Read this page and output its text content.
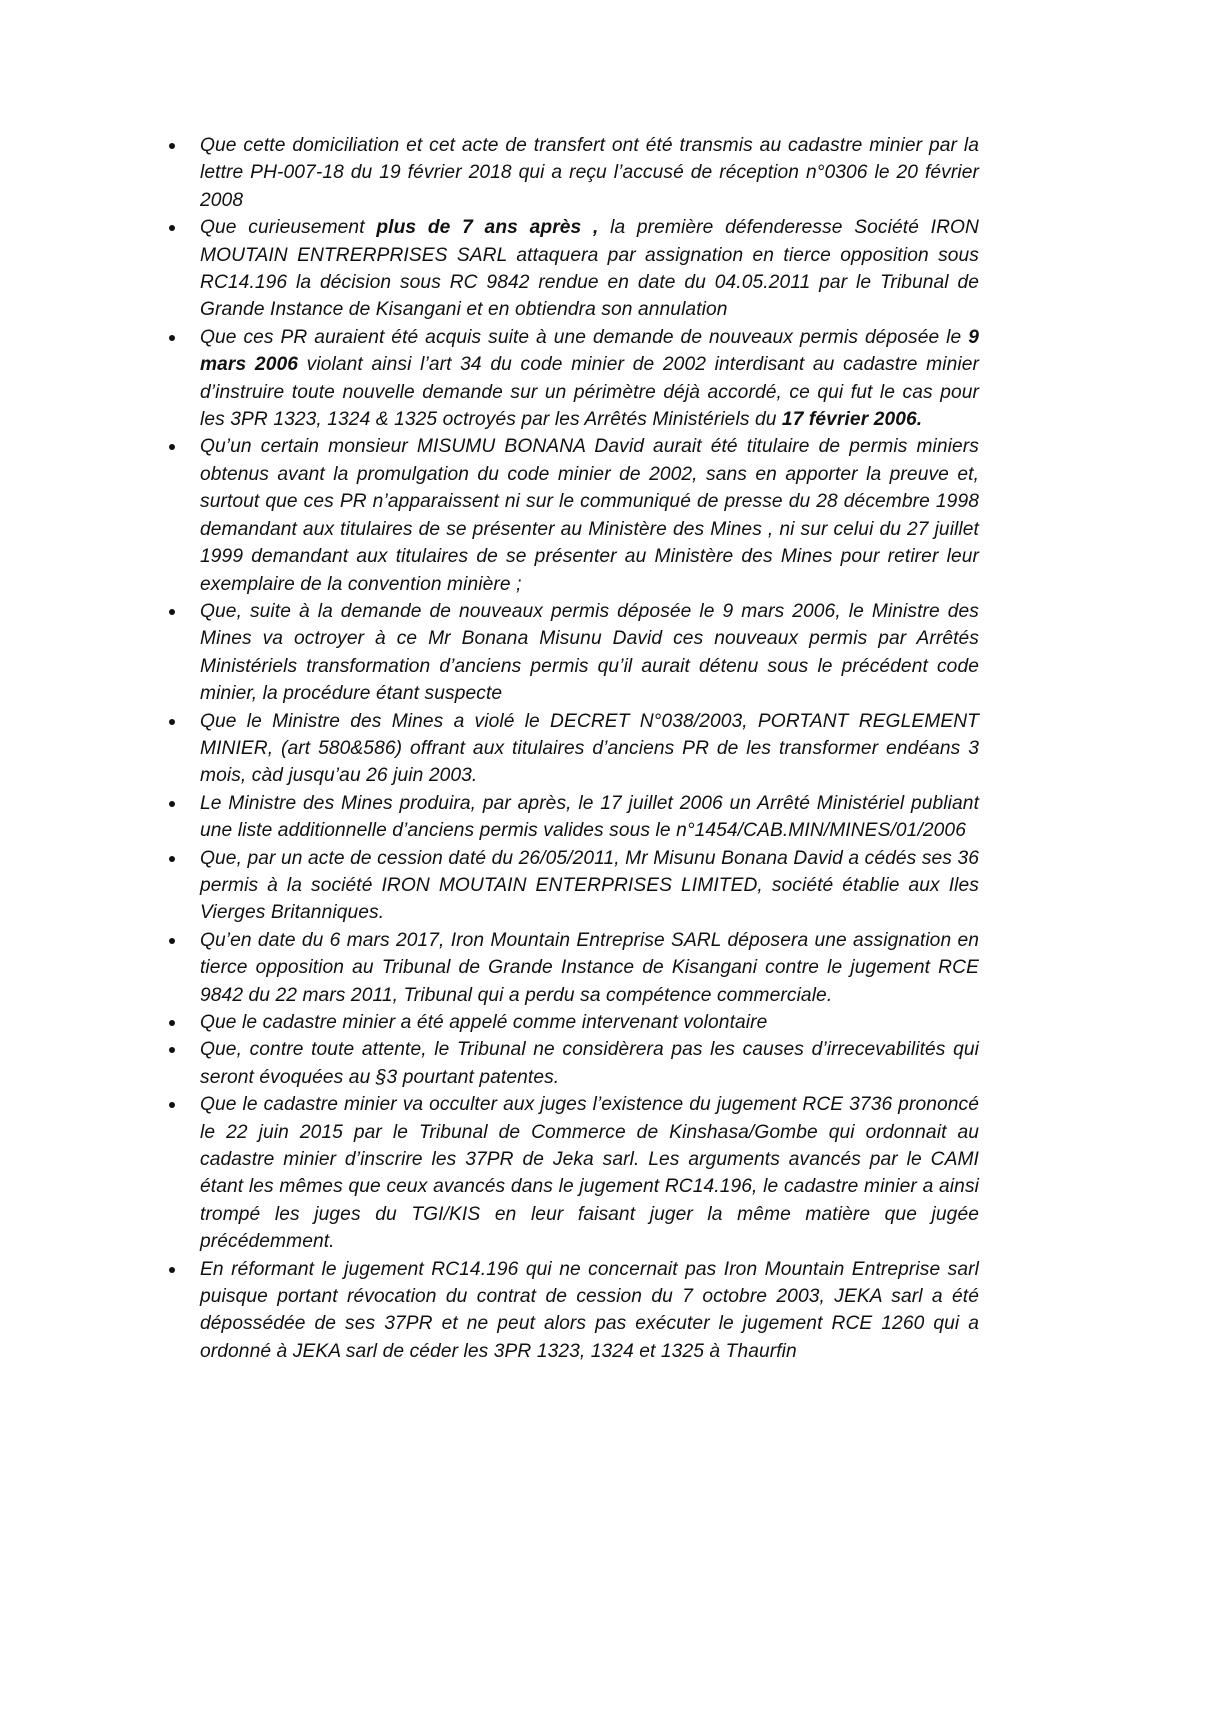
Que cette domiciliation et cet acte de transfert ont été transmis au cadastre minier par la lettre PH-007-18 du 19 février 2018 qui a reçu l’accusé de réception n°0306 le 20 février 2008
Que curieusement plus de 7 ans après , la première défenderesse Société IRON MOUTAIN ENTRERPRISES SARL attaquera par assignation en tierce opposition sous RC14.196 la décision sous RC 9842 rendue en date du 04.05.2011 par le Tribunal de Grande Instance de Kisangani et en obtiendra son annulation
Que ces PR auraient été acquis suite à une demande de nouveaux permis déposée le 9 mars 2006 violant ainsi l’art 34 du code minier de 2002 interdisant au cadastre minier d’instruire toute nouvelle demande sur un périmètre déjà accordé, ce qui fut le cas pour les 3PR 1323, 1324 & 1325 octroyés par les Arrêtés Ministériels du 17 février 2006.
Qu’un certain monsieur MISUMU BONANA David aurait été titulaire de permis miniers obtenus avant la promulgation du code minier de 2002, sans en apporter la preuve et, surtout que ces PR n’apparaissent ni sur le communiqué de presse du 28 décembre 1998 demandant aux titulaires de se présenter au Ministère des Mines , ni sur celui du 27 juillet 1999 demandant aux titulaires de se présenter au Ministère des Mines pour retirer leur exemplaire de la convention minière ;
Que, suite à la demande de nouveaux permis déposée le 9 mars 2006, le Ministre des Mines va octroyer à ce Mr Bonana Misunu David ces nouveaux permis par Arrêtés Ministériels transformation d’anciens permis qu’il aurait détenu sous le précédent code minier, la procédure étant suspecte
Que le Ministre des Mines a violé le DECRET N°038/2003, PORTANT REGLEMENT MINIER, (art 580&586) offrant aux titulaires d’anciens PR de les transformer endéans 3 mois, càd jusqu’au 26 juin 2003.
Le Ministre des Mines produira, par après, le 17 juillet 2006 un Arrêté Ministériel publiant une liste additionnelle d’anciens permis valides sous le n°1454/CAB.MIN/MINES/01/2006
Que, par un acte de cession daté du 26/05/2011, Mr Misunu Bonana David a cédés ses 36 permis à la société IRON MOUTAIN ENTERPRISES LIMITED, société établie aux Iles Vierges Britanniques.
Qu’en date du 6 mars 2017, Iron Mountain Entreprise SARL déposera une assignation en tierce opposition au Tribunal de Grande Instance de Kisangani contre le jugement RCE 9842 du 22 mars 2011, Tribunal qui a perdu sa compétence commerciale.
Que le cadastre minier a été appelé comme intervenant volontaire
Que, contre toute attente, le Tribunal ne considèrera pas les causes d’irrecevabilités qui seront évoquées au §3 pourtant patentes.
Que le cadastre minier va occulter aux juges l’existence du jugement RCE 3736 prononcé le 22 juin 2015 par le Tribunal de Commerce de Kinshasa/Gombe qui ordonnait au cadastre minier d’inscrire les 37PR de Jeka sarl. Les arguments avancés par le CAMI étant les mêmes que ceux avancés dans le jugement RC14.196, le cadastre minier a ainsi trompé les juges du TGI/KIS en leur faisant juger la même matière que jugée précédemment.
En réformant le jugement RC14.196 qui ne concernait pas Iron Mountain Entreprise sarl puisque portant révocation du contrat de cession du 7 octobre 2003, JEKA sarl a été dépossédée de ses 37PR et ne peut alors pas exécuter le jugement RCE 1260 qui a ordonné à JEKA sarl de céder les 3PR 1323, 1324 et 1325 à Thaurfin
